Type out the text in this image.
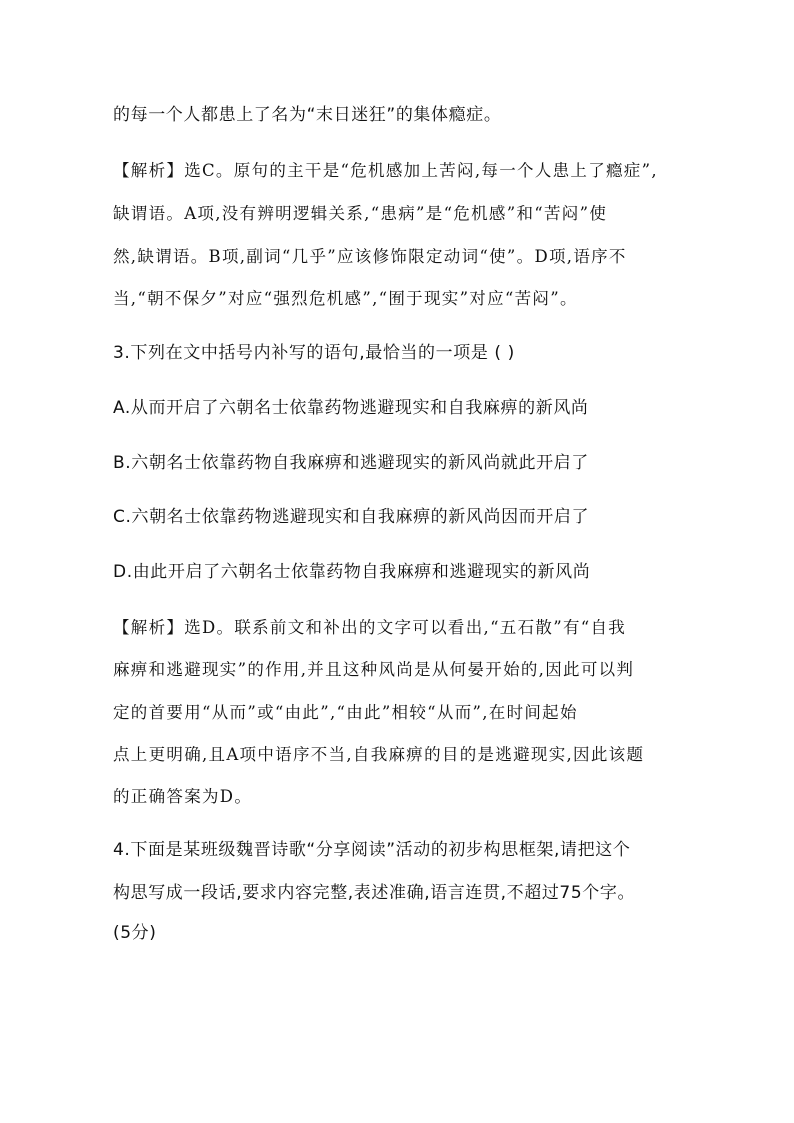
的每一个人都患上了名为“末日迷狂”的集体瘾症。
【解析】选C。原句的主干是“危机感加上苦闷,每一个人患上了瘾症”,
缺谓语。A项,没有辨明逻辑关系,“患病”是“危机感”和“苦闷”使
然,缺谓语。B项,副词“几乎”应该修饰限定动词“使”。D项,语序不
当,“朝不保夕”对应“强烈危机感”,“囿于现实”对应“苦闷”。
3.下列在文中括号内补写的语句,最恰当的一项是 ( )
A.从而开启了六朝名士依靠药物逃避现实和自我麻痹的新风尚
B.六朝名士依靠药物自我麻痹和逃避现实的新风尚就此开启了
C.六朝名士依靠药物逃避现实和自我麻痹的新风尚因而开启了
D.由此开启了六朝名士依靠药物自我麻痹和逃避现实的新风尚
【解析】选D。联系前文和补出的文字可以看出,“五石散”有“自我
麻痹和逃避现实”的作用,并且这种风尚是从何晏开始的,因此可以判
定的首要用“从而”或“由此”,“由此”相较“从而”,在时间起始
点上更明确,且A项中语序不当,自我麻痹的目的是逃避现实,因此该题
的正确答案为D。
4.下面是某班级魏晋诗歌“分享阅读”活动的初步构思框架,请把这个
构思写成一段话,要求内容完整,表述准确,语言连贯,不超过75个字。
(5分)
